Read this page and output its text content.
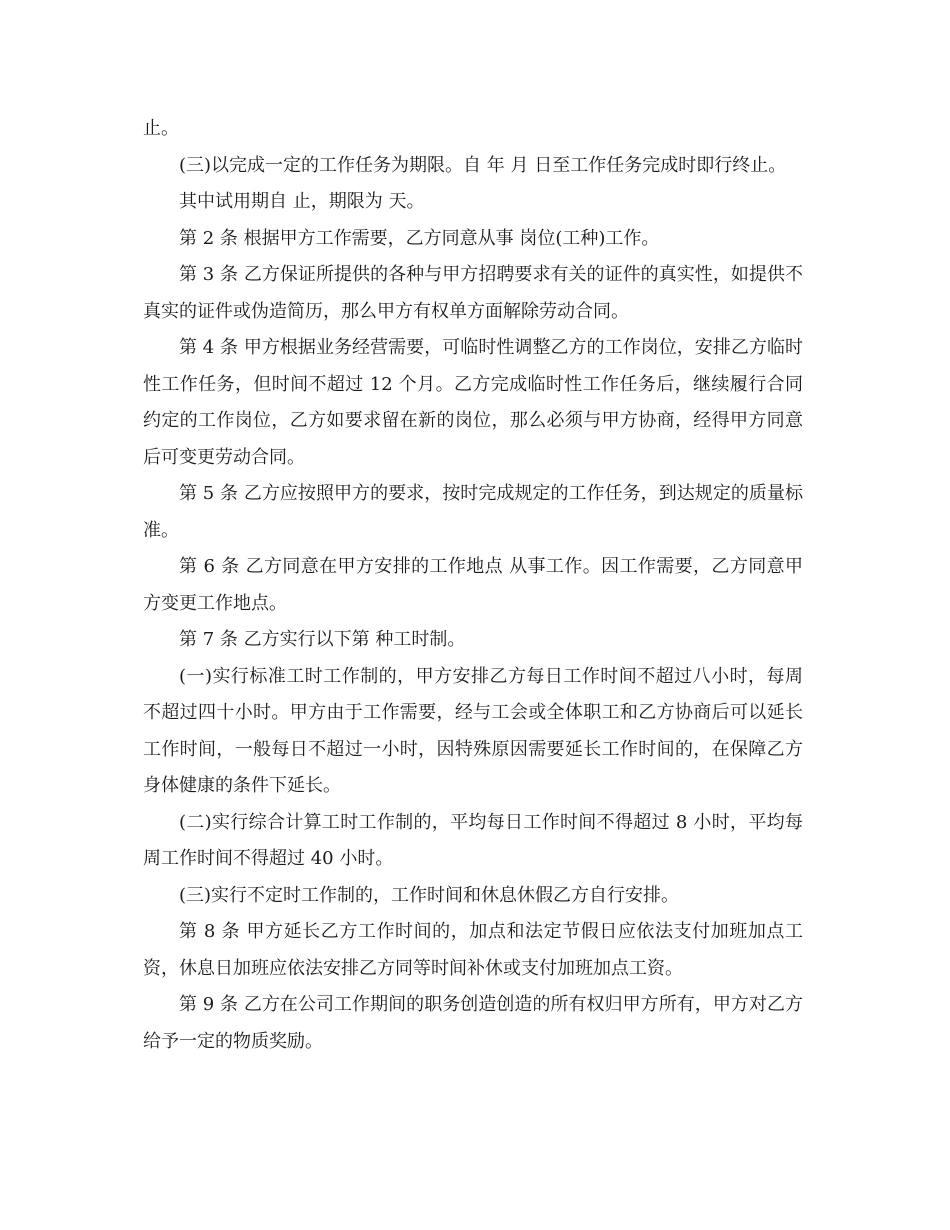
止。

(三)以完成一定的工作任务为期限。自 年 月 日至工作任务完成时即行终止。

其中试用期自 止，期限为 天。

第 2 条 根据甲方工作需要，乙方同意从事 岗位(工种)工作。

第 3 条 乙方保证所提供的各种与甲方招聘要求有关的证件的真实性，如提供不真实的证件或伪造简历，那么甲方有权单方面解除劳动合同。

第 4 条 甲方根据业务经营需要，可临时性调整乙方的工作岗位，安排乙方临时性工作任务，但时间不超过 12 个月。乙方完成临时性工作任务后，继续履行合同约定的工作岗位，乙方如要求留在新的岗位，那么必须与甲方协商，经得甲方同意后可变更劳动合同。

第 5 条 乙方应按照甲方的要求，按时完成规定的工作任务，到达规定的质量标准。

第 6 条 乙方同意在甲方安排的工作地点 从事工作。因工作需要，乙方同意甲方变更工作地点。

第 7 条 乙方实行以下第 种工时制。

(一)实行标准工时工作制的，甲方安排乙方每日工作时间不超过八小时，每周不超过四十小时。甲方由于工作需要，经与工会或全体职工和乙方协商后可以延长工作时间，一般每日不超过一小时，因特殊原因需要延长工作时间的，在保障乙方身体健康的条件下延长。

(二)实行综合计算工时工作制的，平均每日工作时间不得超过 8 小时，平均每周工作时间不得超过 40 小时。

(三)实行不定时工作制的，工作时间和休息休假乙方自行安排。

第 8 条 甲方延长乙方工作时间的，加点和法定节假日应依法支付加班加点工资，休息日加班应依法安排乙方同等时间补休或支付加班加点工资。

第 9 条 乙方在公司工作期间的职务创造创造的所有权归甲方所有，甲方对乙方给予一定的物质奖励。
